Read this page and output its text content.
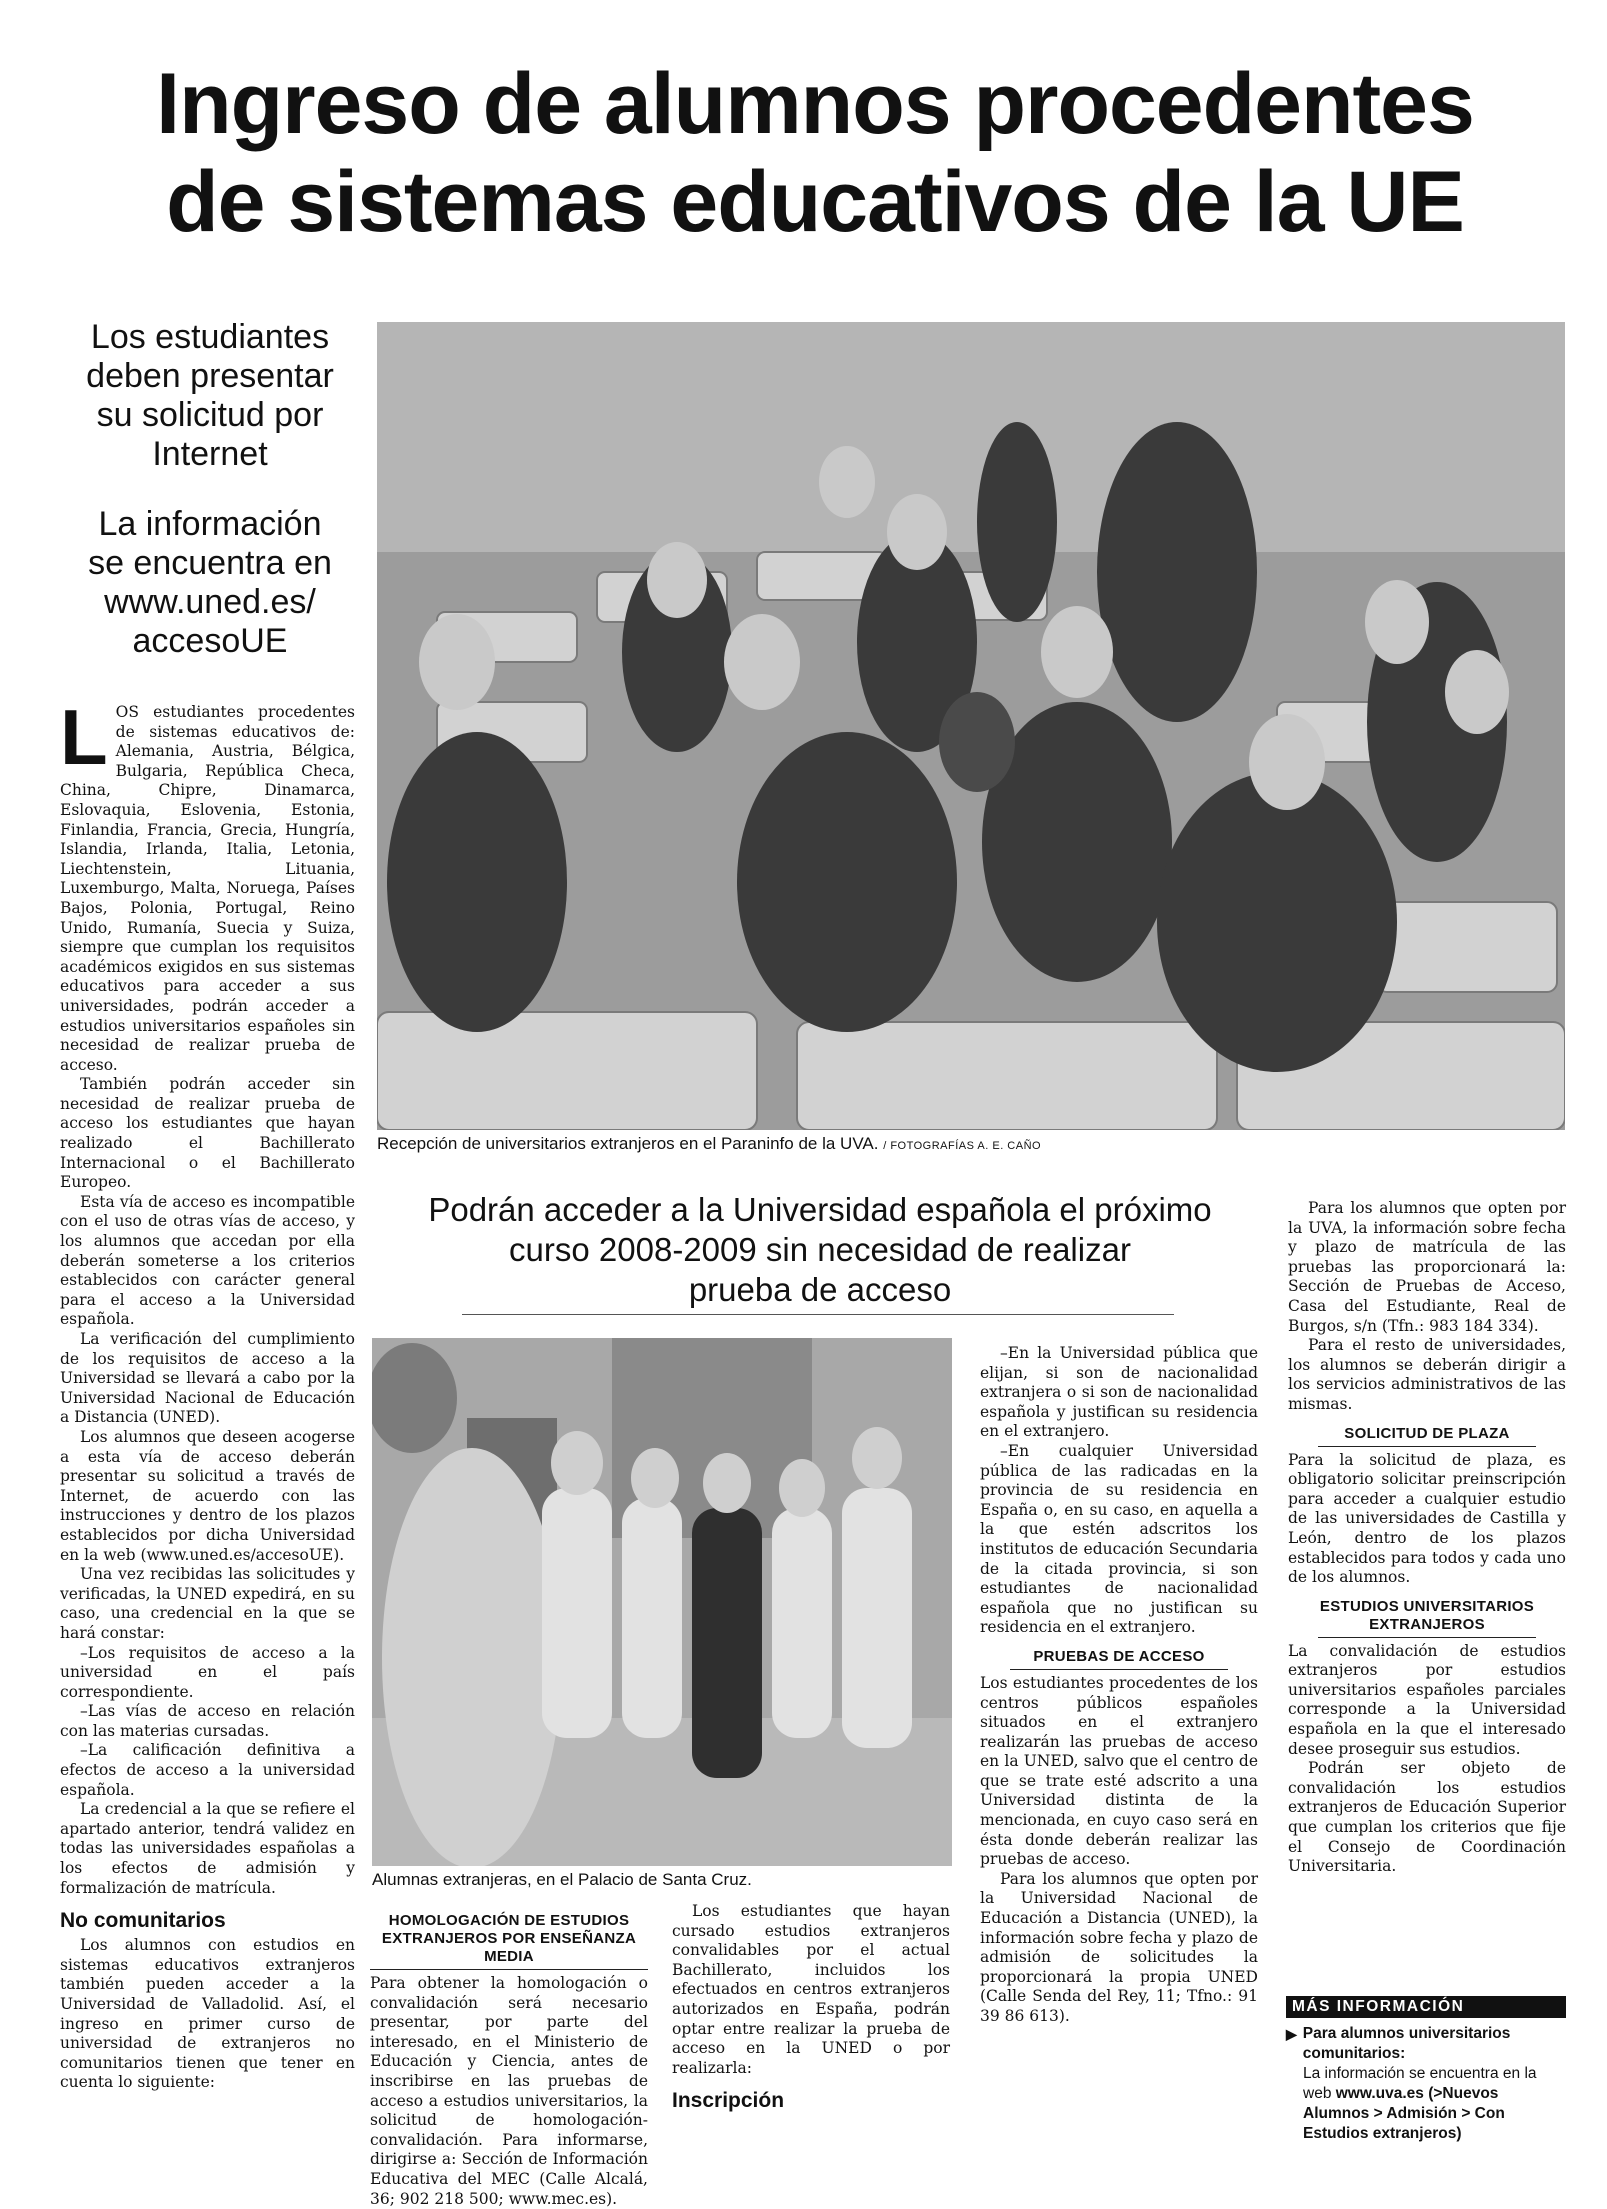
Ingreso de alumnos procedentes
de sistemas educativos de la UE
Los estudiantes
deben presentar
su solicitud por
Internet
La información
se encuentra en
www.uned.es/
accesoUE
Recepción de universitarios extranjeros en el Paraninfo de la UVA. / FOTOGRAFÍAS A. E. CAÑO
Podrán acceder a la Universidad española el próximo
curso 2008-2009 sin necesidad de realizar
prueba de acceso
Alumnas extranjeras, en el Palacio de Santa Cruz.

LOS estudiantes procedentes de sistemas educativos de: Alemania, Austria, Bélgica, Bulgaria, República Checa, China, Chipre, Dinamarca, Eslovaquia, Eslovenia, Estonia, Finlandia, Francia, Grecia, Hungría, Islandia, Irlanda, Italia, Letonia, Liechtenstein, Lituania, Luxemburgo, Malta, Noruega, Países Bajos, Polonia, Portugal, Reino Unido, Rumanía, Suecia y Suiza, siempre que cumplan los requisitos académicos exigidos en sus sistemas educativos para acceder a sus universidades, podrán acceder a estudios universitarios españoles sin necesidad de realizar prueba de acceso.

También podrán acceder sin necesidad de realizar prueba de acceso los estudiantes que hayan realizado el Bachillerato Internacional o el Bachillerato Europeo.

Esta vía de acceso es incompatible con el uso de otras vías de acceso, y los alumnos que accedan por ella deberán someterse a los criterios establecidos con carácter general para el acceso a la Universidad española.

La verificación del cumplimiento de los requisitos de acceso a la Universidad se llevará a cabo por la Universidad Nacional de Educación a Distancia (UNED).

Los alumnos que deseen acogerse a esta vía de acceso deberán presentar su solicitud a través de Internet, de acuerdo con las instrucciones y dentro de los plazos establecidos por dicha Universidad en la web (www.uned.es/accesoUE).

Una vez recibidas las solicitudes y verificadas, la UNED expedirá, en su caso, una credencial en la que se hará constar:

–Los requisitos de acceso a la universidad en el país correspondiente.

–Las vías de acceso en relación con las materias cursadas.

–La calificación definitiva a efectos de acceso a la universidad española.

La credencial a la que se refiere el apartado anterior, tendrá validez en todas las universidades españolas a los efectos de admisión y formalización de matrícula.

No comunitarios

Los alumnos con estudios en sistemas educativos extranjeros también pueden acceder a la Universidad de Valladolid. Así, el ingreso en primer curso de universidad de extranjeros no comunitarios tienen que tener en cuenta lo siguiente:

HOMOLOGACIÓN DE ESTUDIOS EXTRANJEROS POR ENSEÑANZA MEDIA

Para obtener la homologación o convalidación será necesario presentar, por parte del interesado, en el Ministerio de Educación y Ciencia, antes de inscribirse en las pruebas de acceso a estudios universitarios, la solicitud de homologación-convalidación. Para informarse, dirigirse a: Sección de Información Educativa del MEC (Calle Alcalá, 36; 902 218 500; www.mec.es).

Los estudiantes que hayan cursado estudios extranjeros convalidables por el actual Bachillerato, incluidos los efectuados en centros extranjeros autorizados en España, podrán optar entre realizar la prueba de acceso en la UNED o por realizarla:

Inscripción

–En la Universidad pública que elijan, si son de nacionalidad extranjera o si son de nacionalidad española y justifican su residencia en el extranjero.

–En cualquier Universidad pública de las radicadas en la provincia de su residencia en España o, en su caso, en aquella a la que estén adscritos los institutos de educación Secundaria de la citada provincia, si son estudiantes de nacionalidad española que no justifican su residencia en el extranjero.

PRUEBAS DE ACCESO

Los estudiantes procedentes de los centros públicos españoles situados en el extranjero realizarán las pruebas de acceso en la UNED, salvo que el centro de que se trate esté adscrito a una Universidad distinta de la mencionada, en cuyo caso será en ésta donde deberán realizar las pruebas de acceso.

Para los alumnos que opten por la Universidad Nacional de Educación a Distancia (UNED), la información sobre fecha y plazo de admisión de solicitudes la proporcionará la propia UNED (Calle Senda del Rey, 11; Tfno.: 91 39 86 613).

Para los alumnos que opten por la UVA, la información sobre fecha y plazo de matrícula de las pruebas las proporcionará la: Sección de Pruebas de Acceso, Casa del Estudiante, Real de Burgos, s/n (Tfn.: 983 184 334).

Para el resto de universidades, los alumnos se deberán dirigir a los servicios administrativos de las mismas.

SOLICITUD DE PLAZA

Para la solicitud de plaza, es obligatorio solicitar preinscripción para acceder a cualquier estudio de las universidades de Castilla y León, dentro de los plazos establecidos para todos y cada uno de los alumnos.

ESTUDIOS UNIVERSITARIOS EXTRANJEROS

La convalidación de estudios extranjeros por estudios universitarios españoles parciales corresponde a la Universidad española en la que el interesado desee proseguir sus estudios.

Podrán ser objeto de convalidación los estudios extranjeros de Educación Superior que cumplan los criterios que fije el Consejo de Coordinación Universitaria.

MÁS INFORMACIÓN
▶ Para alumnos universitarios comunitarios:
La información se encuentra en la web www.uva.es (>Nuevos Alumnos > Admisión > Con Estudios extranjeros)
